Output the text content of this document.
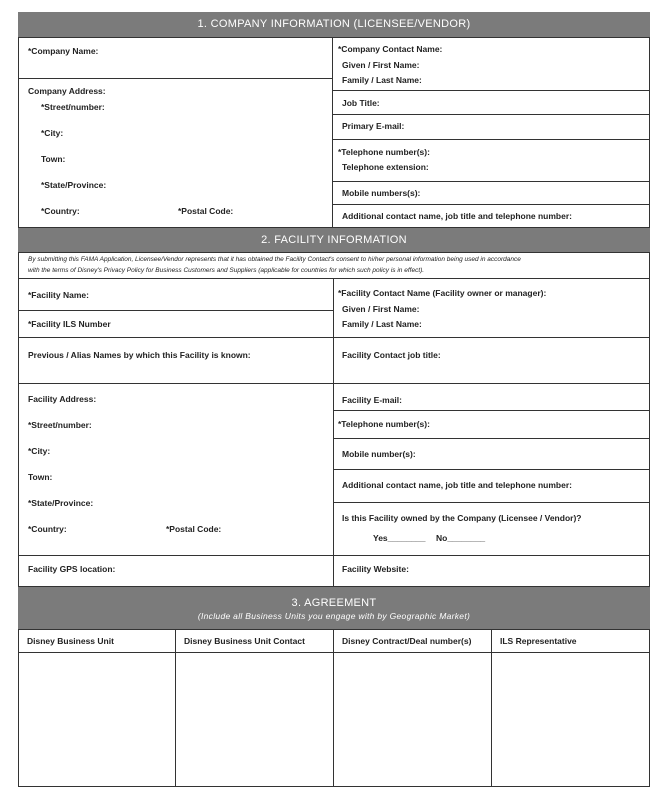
1. COMPANY INFORMATION (LICENSEE/VENDOR)
*Company Name:
Company Address:
*Street/number:
*City:
Town:
*State/Province:
*Country:	*Postal Code:
*Company Contact Name:
Given / First Name:
Family / Last Name:
Job Title:
Primary E-mail:
*Telephone number(s):
Telephone extension:
Mobile numbers(s):
Additional contact name, job title and telephone number:
2. FACILITY INFORMATION
By submitting this FAMA Application, Licensee/Vendor represents that it has obtained the Facility Contact's consent to hi/her personal information being used in accordance
with the terms of Disney's Privacy Policy for Business Customers and Suppliers (applicable for countries for which such policy is in effect).
*Facility Name:
*Facility ILS Number
Previous / Alias Names by which this Facility is known:
Facility Address:
*Street/number:
*City:
Town:
*State/Province:
*Country:	*Postal Code:
Facility GPS location:
*Facility Contact Name (Facility owner or manager):
Given / First Name:
Family / Last Name:
Facility Contact job title:
Facility E-mail:
*Telephone number(s):
Mobile number(s):
Additional contact name, job title and telephone number:
Is this Facility owned by the Company (Licensee / Vendor)?
Yes________ No________
Facility Website:
3. AGREEMENT
(Include all Business Units you engage with by Geographic Market)
Disney Business Unit	Disney Business Unit Contact	Disney Contract/Deal number(s)	ILS Representative
